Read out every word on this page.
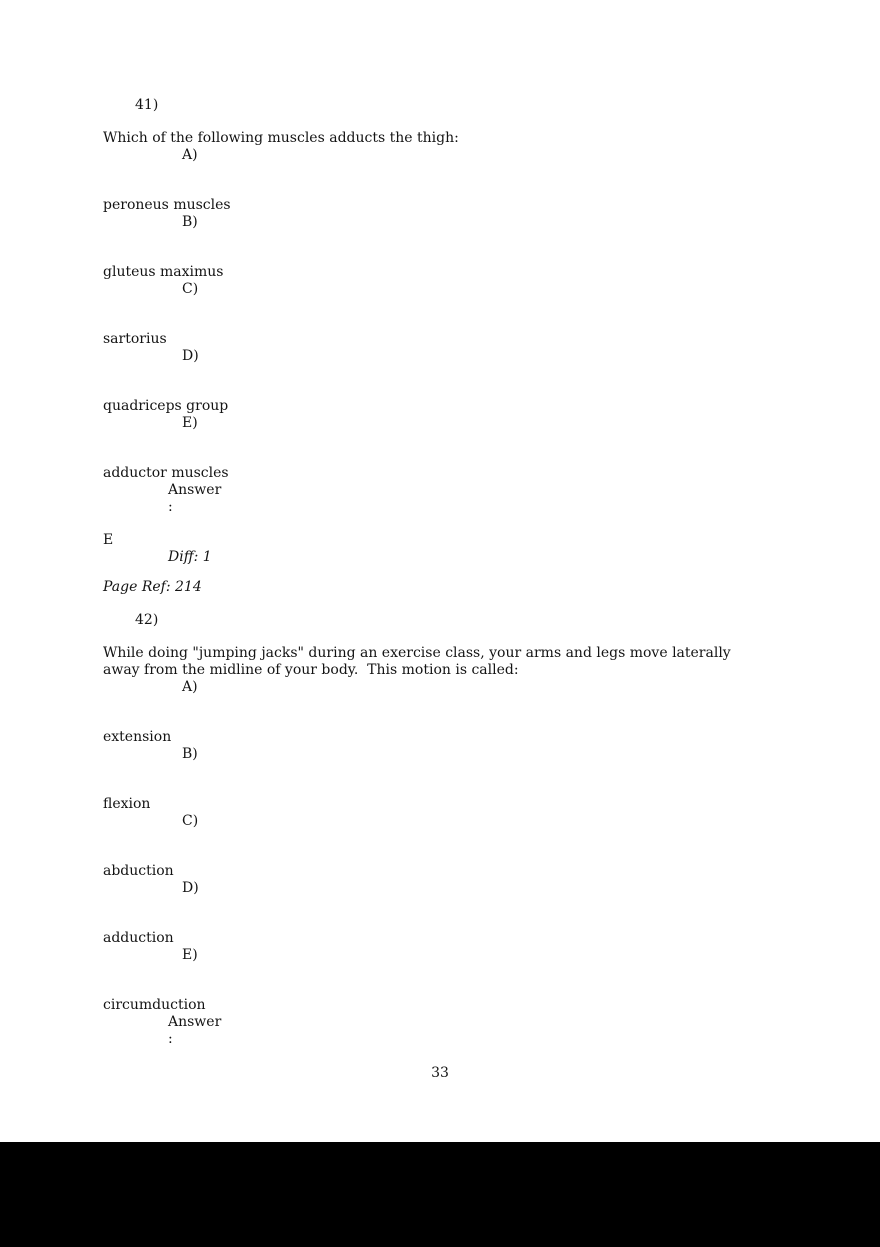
41)
Which of the following muscles adducts the thigh:
A)
peroneus muscles
B)
gluteus maximus
C)
sartorius
D)
quadriceps group
E)
adductor muscles
Answer
:
E
Diff: 1
Page Ref: 214
42)
While doing "jumping jacks" during an exercise class, your arms and legs move laterally
away from the midline of your body.  This motion is called:
A)
extension
B)
flexion
C)
abduction
D)
adduction
E)
circumduction
Answer
:
33
